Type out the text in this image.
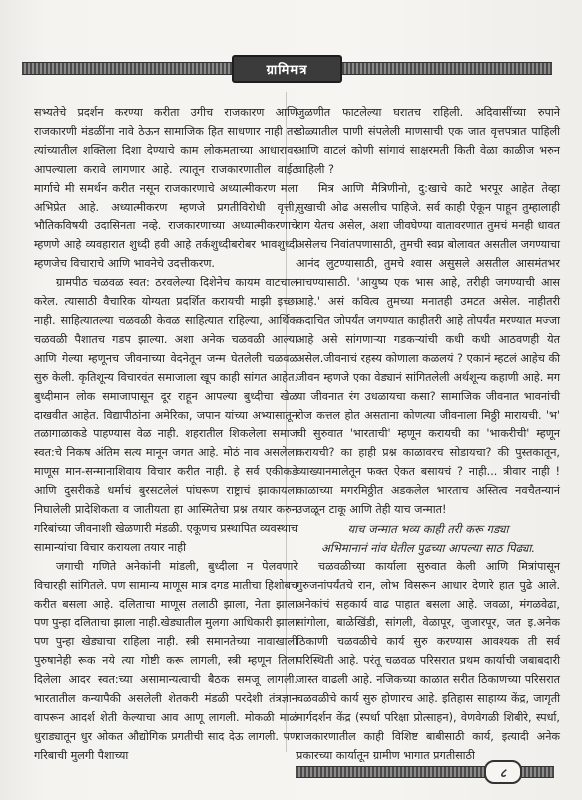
ग्रामिमत्र

सभ्यतेचे प्रदर्शन करण्या करीता उगीच राजकारण आणि राजकारणी मंडळींना नावे ठेऊन सामाजिक हित साधणार नाही तर त्यांच्यातील शक्तिला दिशा देण्याचे काम लोकमताच्या आधारावर आपल्याला करावे लागणार आहे. त्यातून राजकारणातील वाईट मार्गाचे मी समर्थन करीत नसून राजकारणाचे अध्यात्मीकरण मला अभिप्रेत आहे. अध्यात्मीकरण म्हणजे प्रगतीविरोधी वृत्ती, भौतिकविषयी उदासिनता नव्हे. राजकारणाच्या अध्यात्मीकरणाचे म्हणणे आहे व्यवहारात शुध्दी हवी आहे तर्कशुध्दीबरोबर भावशुध्दी म्हणजेच विचाराचे आणि भावनेचे उदत्तीकरण.

ग्रामपीठ चळवळ स्वत: ठरवलेल्या दिशेनेच कायम वाटचाल करेल. त्यासाठी वैचारिक योग्यता प्रदर्शित करायची माझी इच्छा नाही. साहित्यातल्या चळवळी केवळ साहित्यात राहिल्या, आर्थिक चळवळी पैशातच गडप झाल्या. अशा अनेक चळवळी आल्या आणि गेल्या म्हणूनच जीवनाच्या वेदनेतून जन्म घेतलेली चळवळ सुरु केली. कृतिशून्य विचारवंत समाजाला खूप काही सांगत आहेत. बुध्दीमान लोक समाजापासून दूर राहून आपल्या बुध्दीचा खेळ दाखवीत आहेत. विद्यापीठांना अमेरिका, जपान यांच्या अभ्यासातून तळागाळाकडे पाहण्यास वेळ नाही. शहरातील शिकलेला समाज स्वत:चे निकष अंतिम सत्य मानून जगत आहे. मोठं नाव असलेला माणूस मान-सन्मानाशिवाय विचार करीत नाही. हे सर्व एकीकडे आणि दुसरीकडे धर्माचं बुरसटलेलं पांघरूण राष्ट्राचं झाकायला निघालेली प्रादेशिकता व जातीयता हा आस्मितेचा प्रश्न तयार करुन गरिबांच्या जीवनाशी खेळणारी मंडळी. एकूणच प्रस्थापित व्यवस्थाच सामान्यांचा विचार करायला तयार नाही

जगाची गणिते अनेकांनी मांडली, बुध्दीला न पेलवणारे विचारही सांगितले. पण सामान्य माणूस मात्र दगड मातीचा हिशोबच करीत बसला आहे. दलिताचा माणूस तलाठी झाला, नेता झाला पण पुन्हा दलिताचा झाला नाही.खेड्यातील मुलगा आधिकारी झाला पण पुन्हा खेड्याचा राहिला नाही. स्त्री समानतेच्या नावाखाली पुरुषानेही रूक नये त्या गोष्टी करू लागली, स्त्री म्हणून तिला दिलेला आदर स्वत:च्या असामान्यत्वाची बैठक समजू लागली. भारतातील कन्यापैकी असलेली शेतकरी मंडळी परदेशी तंत्रज्ञान वापरून आदर्श शेती केल्याचा आव आणू लागली. मोकळी माळं धुराड्यातून धुर ओकत औद्योगिक प्रगतीची साद देऊ लागली. पण गरिबाची मुलगी पैशाच्या

जुळणीत फाटलेल्या घरातच राहिली. अदिवासींच्या रुपाने डोळ्यातील पाणी संपलेली माणसाची एक जात वृत्तपत्रात पाहिली आणि वाटलं कोणी सांगावं साक्षरमती किती वेळा काळीज भरुन वाहिली ?

मित्र आणि मैत्रिणीनो, दु:खाचे काटे भरपूर आहेत तेव्हा सुखाची ओढ असलीच पाहिजे. सर्व काही ऐकून पाहून तुम्हालाही राग येतच असेल, अशा जीवघेण्या वातावरणात तुमचं मनही धावत असेलच निवांतपणासाठी, तुमची स्वप्न बोलावत असतील जगण्याचा आनंद लुटण्यासाठी, तुमचे श्वास असुसले असतील आसमंतभर नाचण्यासाठी. 'आयुष्य एक भास आहे, तरीही जगण्याची आस आहे.' असं कवित्व तुमच्या मनातही उमटत असेल. नाहीतरी कदाचित जोपर्यंत जगण्यात काहीतरी आहे तोपर्यंत मरण्यात मज्जा आहे असे सांगणाऱ्या गडकऱ्यांची कधी कधी आठवणही येत असेल.जीवनाचं रहस्य कोणाला कळलयं ? एकानं म्हटलं आहेच की जीवन म्हणजे एका वेड्यानं सांगितलेली अर्थशून्य कहाणी आहे. मग या जीवनात रंग उधळायचा कसा? सामाजिक जीवनात भावनांची रोज कत्तल होत असताना कोणत्या जीवनाला मिठ्ठी मारायची. 'भ' ची सुरुवात 'भारताची' म्हणून करायची का 'भाकरीची' म्हणून करायची? का हाही प्रश्न काळावरच सोडायचा? की पुस्तकातून, व्याख्यानमालेतून फक्त ऐकत बसायचं ? नाही... त्रीवार नाही ! काळाच्या मगरमिठ्ठीत अडकलेल भारताच अस्तित्व नवचैतन्यानं उजळून टाकू आणि तेही याच जन्मात!

याच जन्मात भव्य काही तरी करू गड्या

अभिमानानं नांव घेतील पुढच्या आपल्या साठ पिढ्या.

चळवळीच्या कार्याला सुरुवात केली आणि मित्रांपासून गुरुजनांपर्यंतचे रान, लोभ विसरून आधार देणारे हात पुढे आले. अनेकांचं सहकार्य वाढ पाहात बसला आहे. जवळा, मंगळवेढा, सांगोला, बाळेखिंडी, सांगली, वेळापूर, जुजारपूर, जत इ.अनेक ठिकाणी चळवळीचे कार्य सुरु करण्यास आवश्यक ती सर्व परिस्थिती आहे. परंतू चळवळ परिसरात प्रथम कार्याची जबाबदारी जास्त वाढली आहे. नजिकच्या काळात सरीत ठिकाणच्या परिसरात चळवळीचे कार्य सुरु होणारच आहे. इतिहास साहाय्य केंद्र, जागृती मार्गदर्शन केंद्र (स्पर्धा परिक्षा प्रोत्साहन), वेणवेगळी शिबीरे, स्पर्धा, राजकारणातील काही विशिष्ट बाबीसाठी कार्य, इत्यादी अनेक प्रकारच्या कार्यातून ग्रामीण भागात प्रगतीसाठी

८
